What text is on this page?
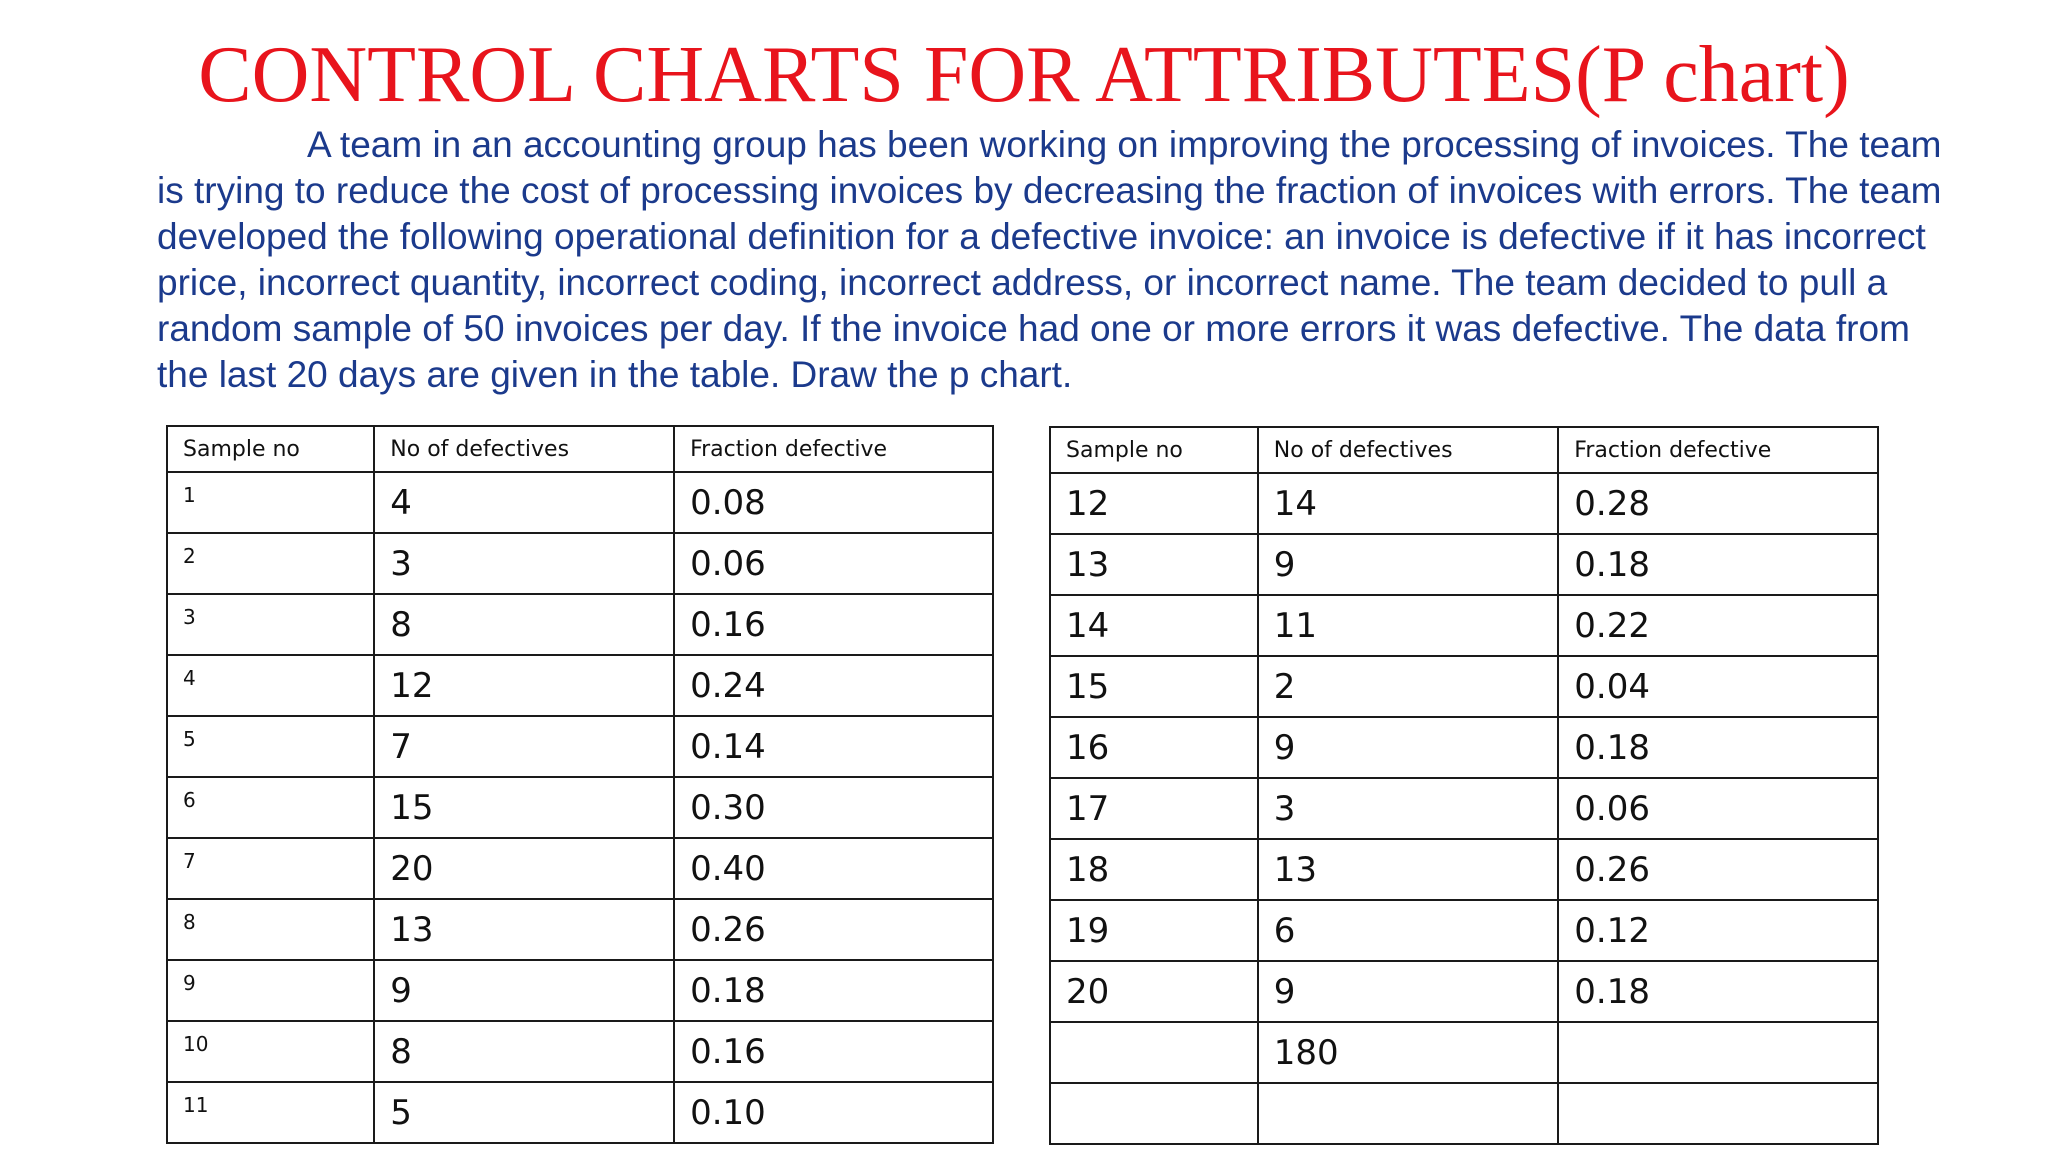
CONTROL CHARTS FOR ATTRIBUTES(P chart)

A team in an accounting group has been working on improving the processing of invoices. The team is trying to reduce the cost of processing invoices by decreasing the fraction of invoices with errors. The team developed the following operational definition for a defective invoice: an invoice is defective if it has incorrect price, incorrect quantity, incorrect coding, incorrect address, or incorrect name. The team decided to pull a random sample of 50 invoices per day. If the invoice had one or more errors it was defective. The data from the last 20 days are given in the table. Draw the p chart.

Sample no	No of defectives	Fraction defective
1	4	0.08
2	3	0.06
3	8	0.16
4	12	0.24
5	7	0.14
6	15	0.30
7	20	0.40
8	13	0.26
9	9	0.18
10	8	0.16
11	5	0.10
Sample no	No of defectives	Fraction defective
12	14	0.28
13	9	0.18
14	11	0.22
15	2	0.04
16	9	0.18
17	3	0.06
18	13	0.26
19	6	0.12
20	9	0.18
	180	
